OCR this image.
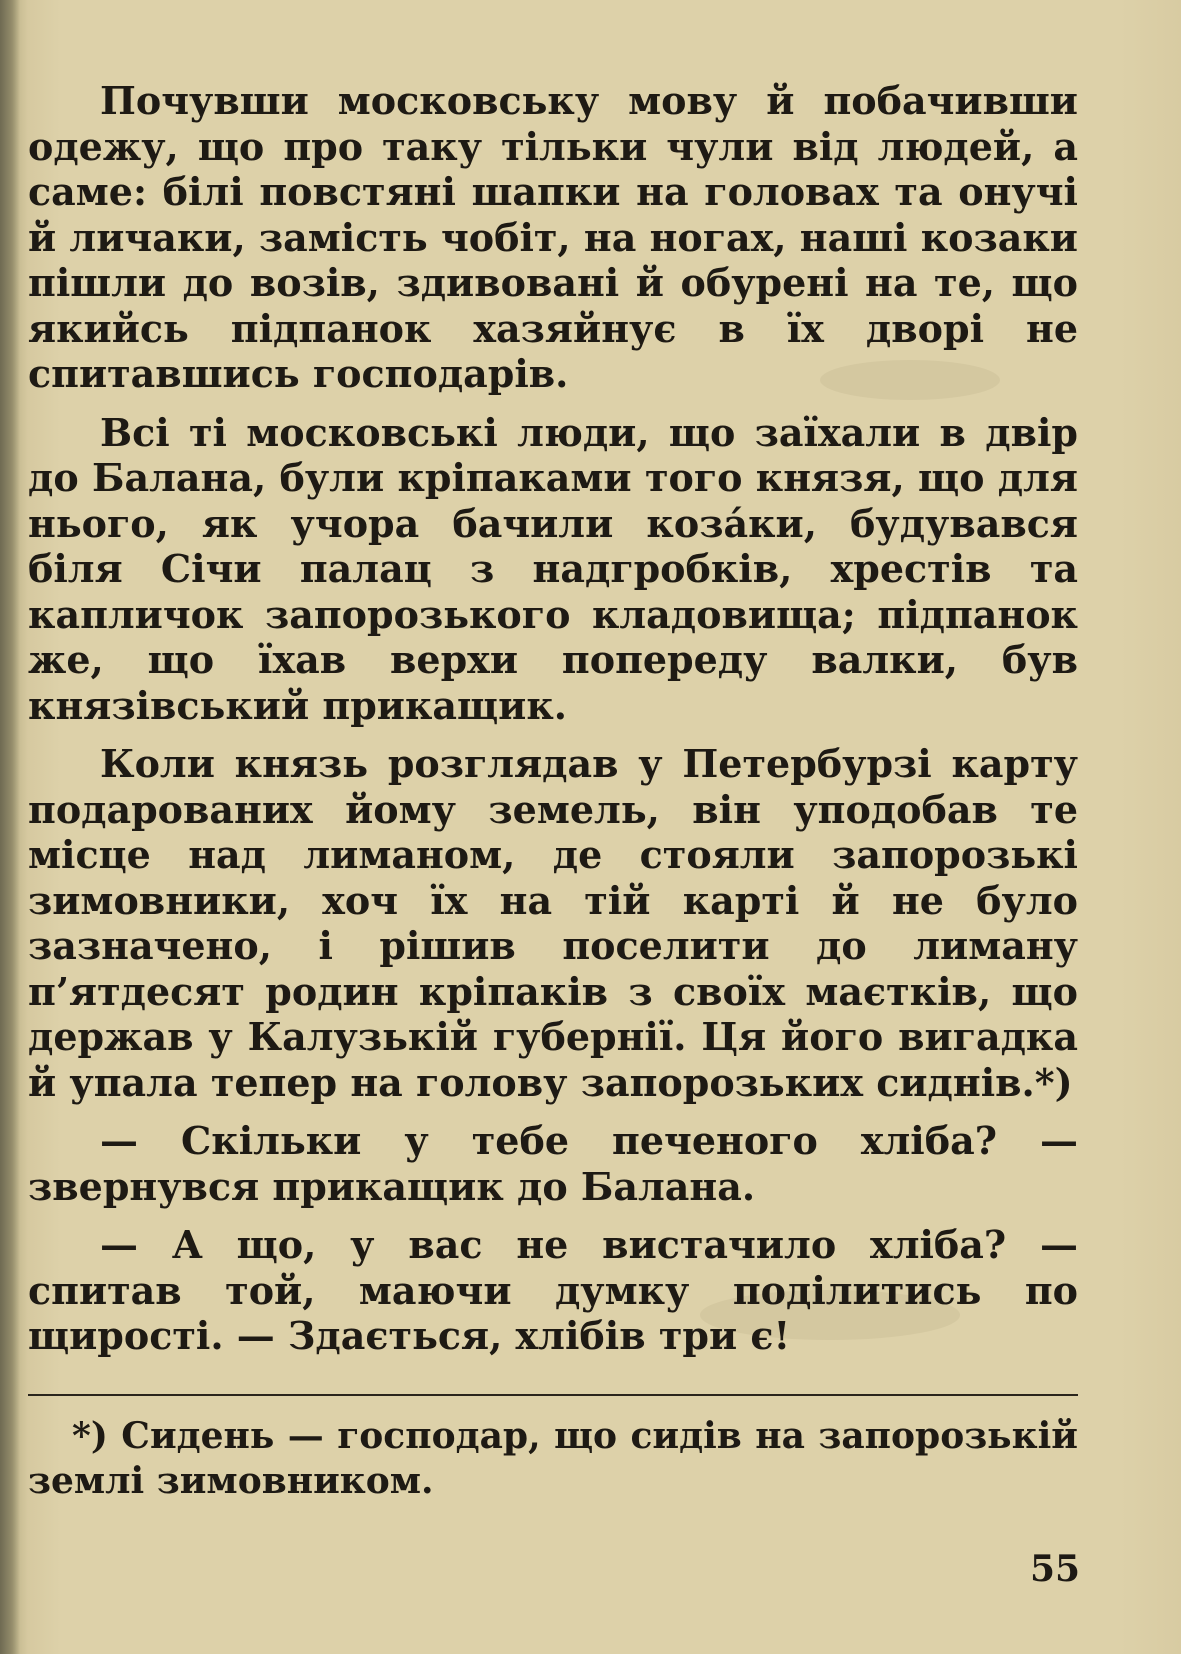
Почувши московську мову й побачивши одежу, що про таку тільки чули від людей, а саме: білі повстяні шапки на головах та онучі й личаки, замість чобіт, на ногах, наші козаки пішли до возів, здивовані й обурені на те, що якийсь підпанок хазяйнує в їх дворі не спитавшись господарів.

Всі ті московські люди, що заїхали в двір до Балана, були кріпаками того князя, що для нього, як учора бачили коза́ки, будувався біля Січи палац з надгробків, хрестів та капличок запорозького кладовища; підпанок же, що їхав верхи попереду валки, був князівський прикащик.

Коли князь розглядав у Петербурзі карту подарованих йому земель, він уподобав те місце над лиманом, де стояли запорозькі зимовники, хоч їх на тій карті й не було зазначено, і рішив поселити до лиману п’ятдесят родин кріпаків з своїх маєтків, що держав у Калузькій губернії. Ця його вигадка й упала тепер на голову запорозьких сиднів.*)

— Скільки у тебе печеного хліба? — звернувся прикащик до Балана.

— А що, у вас не вистачило хліба? — спитав той, маючи думку поділитись по щирості. — Здається, хлібів три є!

*) Сидень — господар, що сидів на запорозькій землі зимовником.

55
